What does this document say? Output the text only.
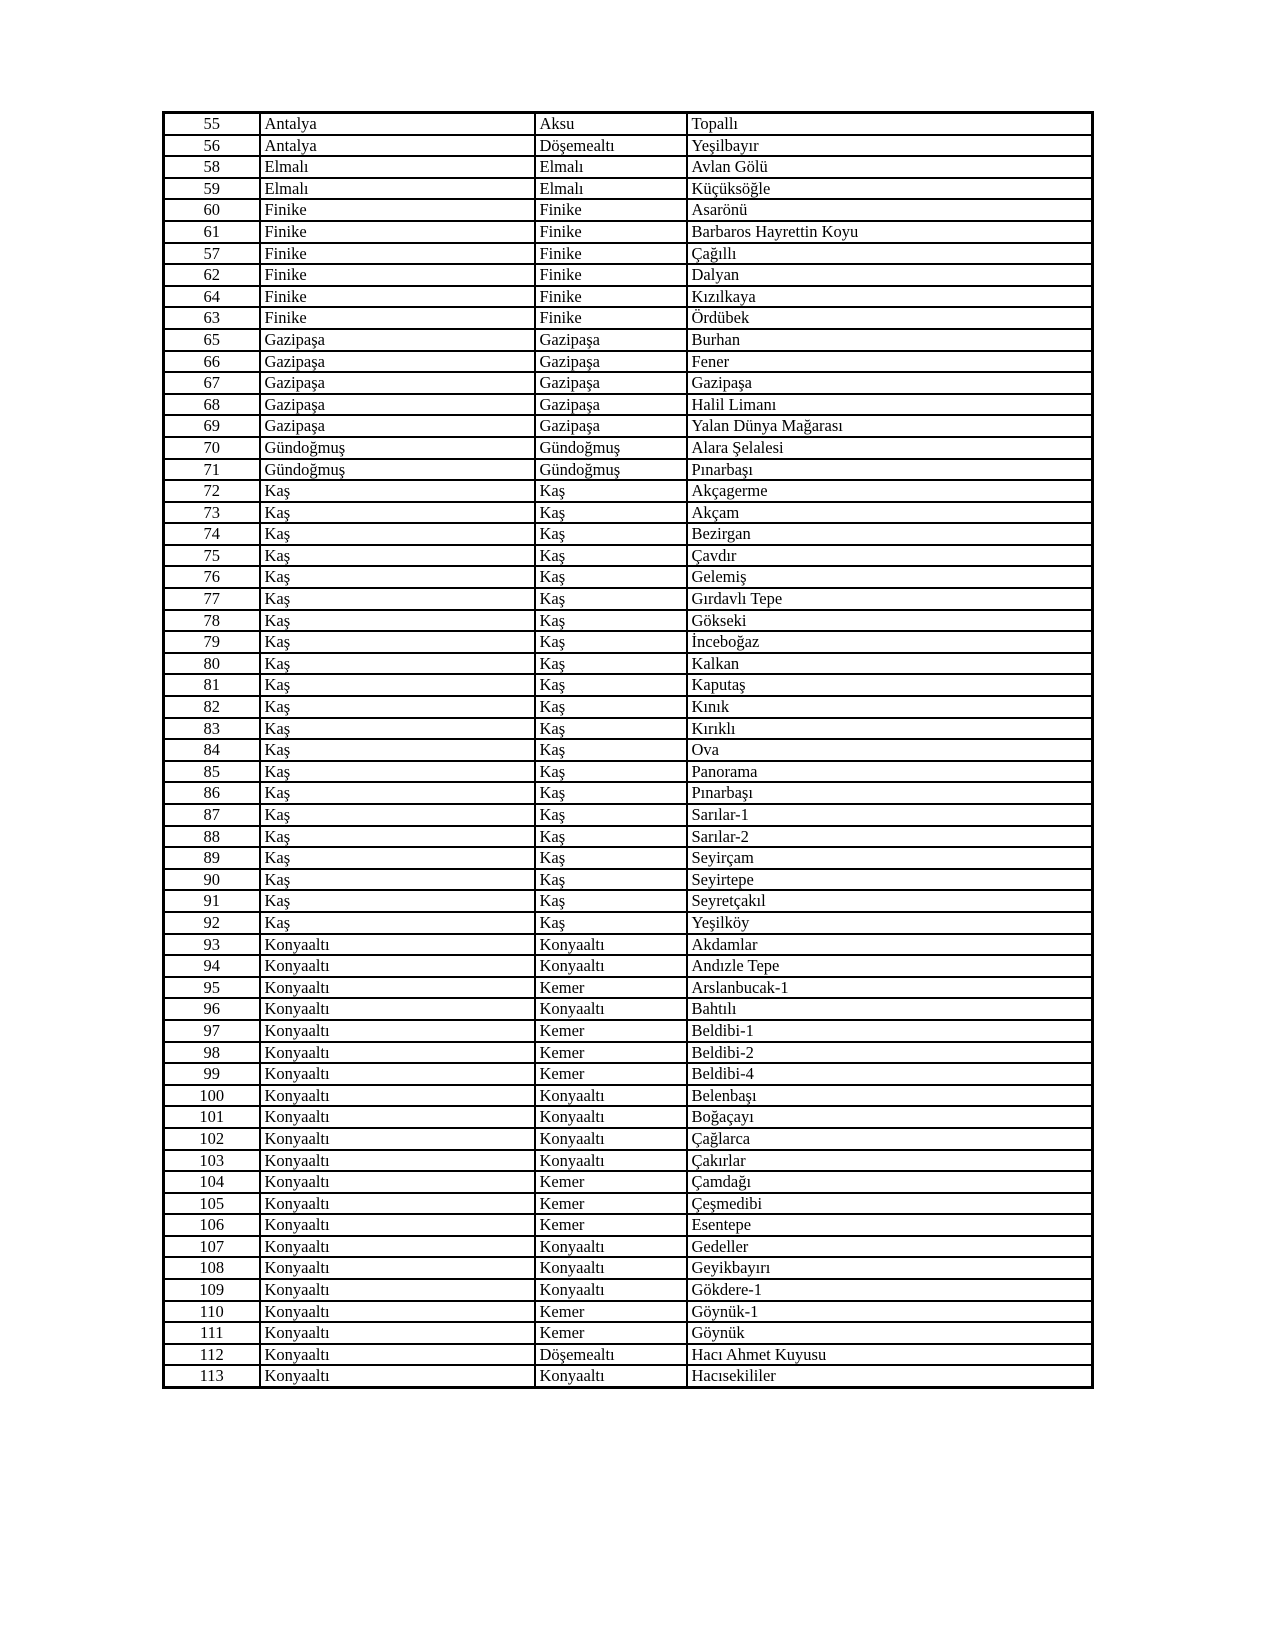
55	Antalya	Aksu	Topallı
56	Antalya	Döşemealtı	Yeşilbayır
58	Elmalı	Elmalı	Avlan Gölü
59	Elmalı	Elmalı	Küçüksöğle
60	Finike	Finike	Asarönü
61	Finike	Finike	Barbaros Hayrettin Koyu
57	Finike	Finike	Çağıllı
62	Finike	Finike	Dalyan
64	Finike	Finike	Kızılkaya
63	Finike	Finike	Ördübek
65	Gazipaşa	Gazipaşa	Burhan
66	Gazipaşa	Gazipaşa	Fener
67	Gazipaşa	Gazipaşa	Gazipaşa
68	Gazipaşa	Gazipaşa	Halil Limanı
69	Gazipaşa	Gazipaşa	Yalan Dünya Mağarası
70	Gündoğmuş	Gündoğmuş	Alara Şelalesi
71	Gündoğmuş	Gündoğmuş	Pınarbaşı
72	Kaş	Kaş	Akçagerme
73	Kaş	Kaş	Akçam
74	Kaş	Kaş	Bezirgan
75	Kaş	Kaş	Çavdır
76	Kaş	Kaş	Gelemiş
77	Kaş	Kaş	Gırdavlı Tepe
78	Kaş	Kaş	Gökseki
79	Kaş	Kaş	İnceboğaz
80	Kaş	Kaş	Kalkan
81	Kaş	Kaş	Kaputaş
82	Kaş	Kaş	Kınık
83	Kaş	Kaş	Kırıklı
84	Kaş	Kaş	Ova
85	Kaş	Kaş	Panorama
86	Kaş	Kaş	Pınarbaşı
87	Kaş	Kaş	Sarılar-1
88	Kaş	Kaş	Sarılar-2
89	Kaş	Kaş	Seyirçam
90	Kaş	Kaş	Seyirtepe
91	Kaş	Kaş	Seyretçakıl
92	Kaş	Kaş	Yeşilköy
93	Konyaaltı	Konyaaltı	Akdamlar
94	Konyaaltı	Konyaaltı	Andızle Tepe
95	Konyaaltı	Kemer	Arslanbucak-1
96	Konyaaltı	Konyaaltı	Bahtılı
97	Konyaaltı	Kemer	Beldibi-1
98	Konyaaltı	Kemer	Beldibi-2
99	Konyaaltı	Kemer	Beldibi-4
100	Konyaaltı	Konyaaltı	Belenbaşı
101	Konyaaltı	Konyaaltı	Boğaçayı
102	Konyaaltı	Konyaaltı	Çağlarca
103	Konyaaltı	Konyaaltı	Çakırlar
104	Konyaaltı	Kemer	Çamdağı
105	Konyaaltı	Kemer	Çeşmedibi
106	Konyaaltı	Kemer	Esentepe
107	Konyaaltı	Konyaaltı	Gedeller
108	Konyaaltı	Konyaaltı	Geyikbayırı
109	Konyaaltı	Konyaaltı	Gökdere-1
110	Konyaaltı	Kemer	Göynük-1
111	Konyaaltı	Kemer	Göynük
112	Konyaaltı	Döşemealtı	Hacı Ahmet Kuyusu
113	Konyaaltı	Konyaaltı	Hacısekililer
